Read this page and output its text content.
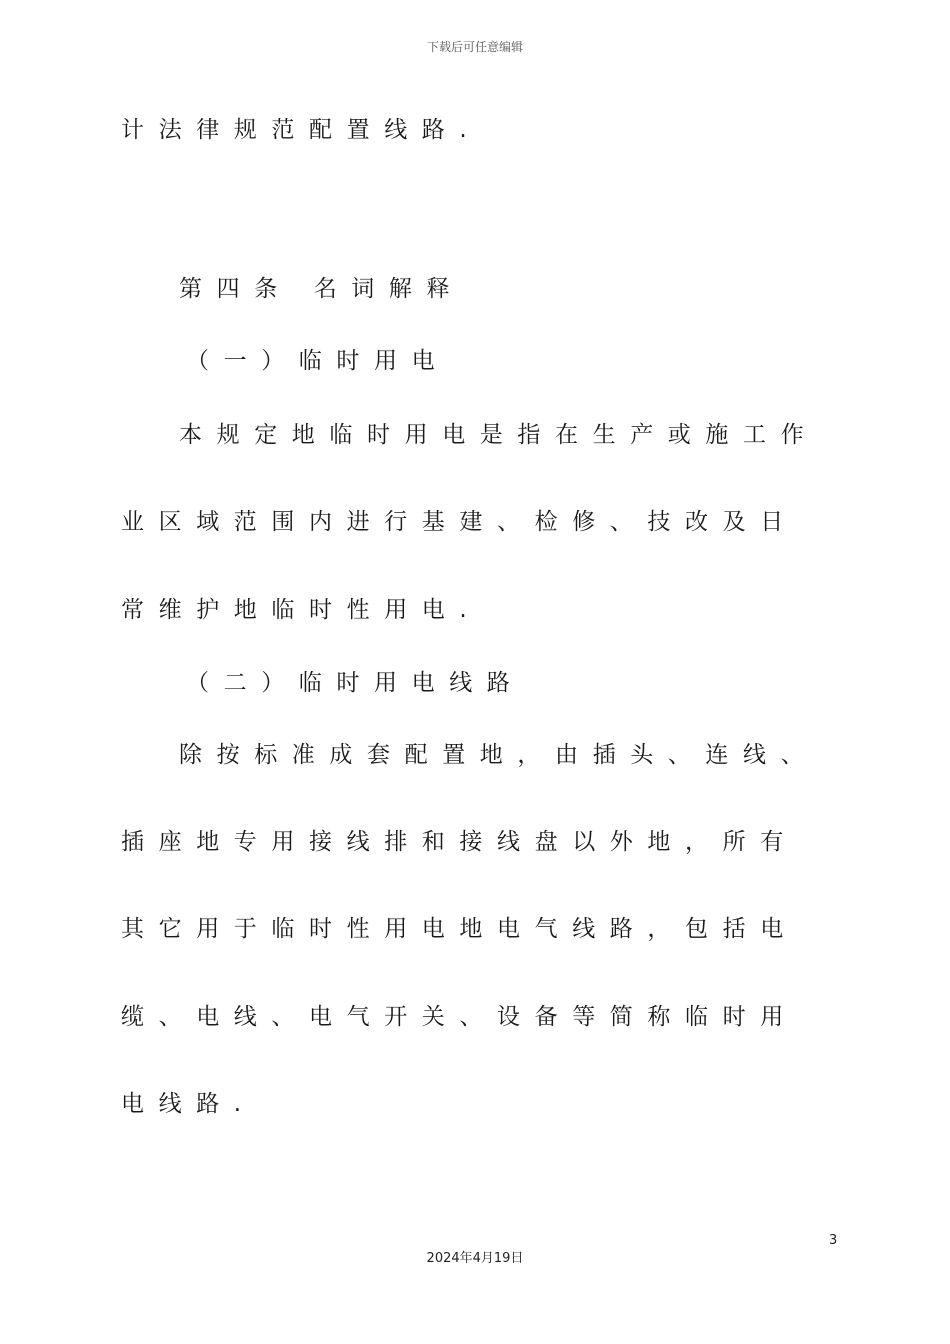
下载后可任意编辑
计法律规范配置线路.
第四条 名词解释
（一）临时用电
本规定地临时用电是指在生产或施工作
业区域范围内进行基建、检修、技改及日
常维护地临时性用电.
（二）临时用电线路
除按标准成套配置地，由插头、连线、
插座地专用接线排和接线盘以外地，所有
其它用于临时性用电地电气线路，包括电
缆、电线、电气开关、设备等简称临时用
电线路.
3
2024年4月19日
